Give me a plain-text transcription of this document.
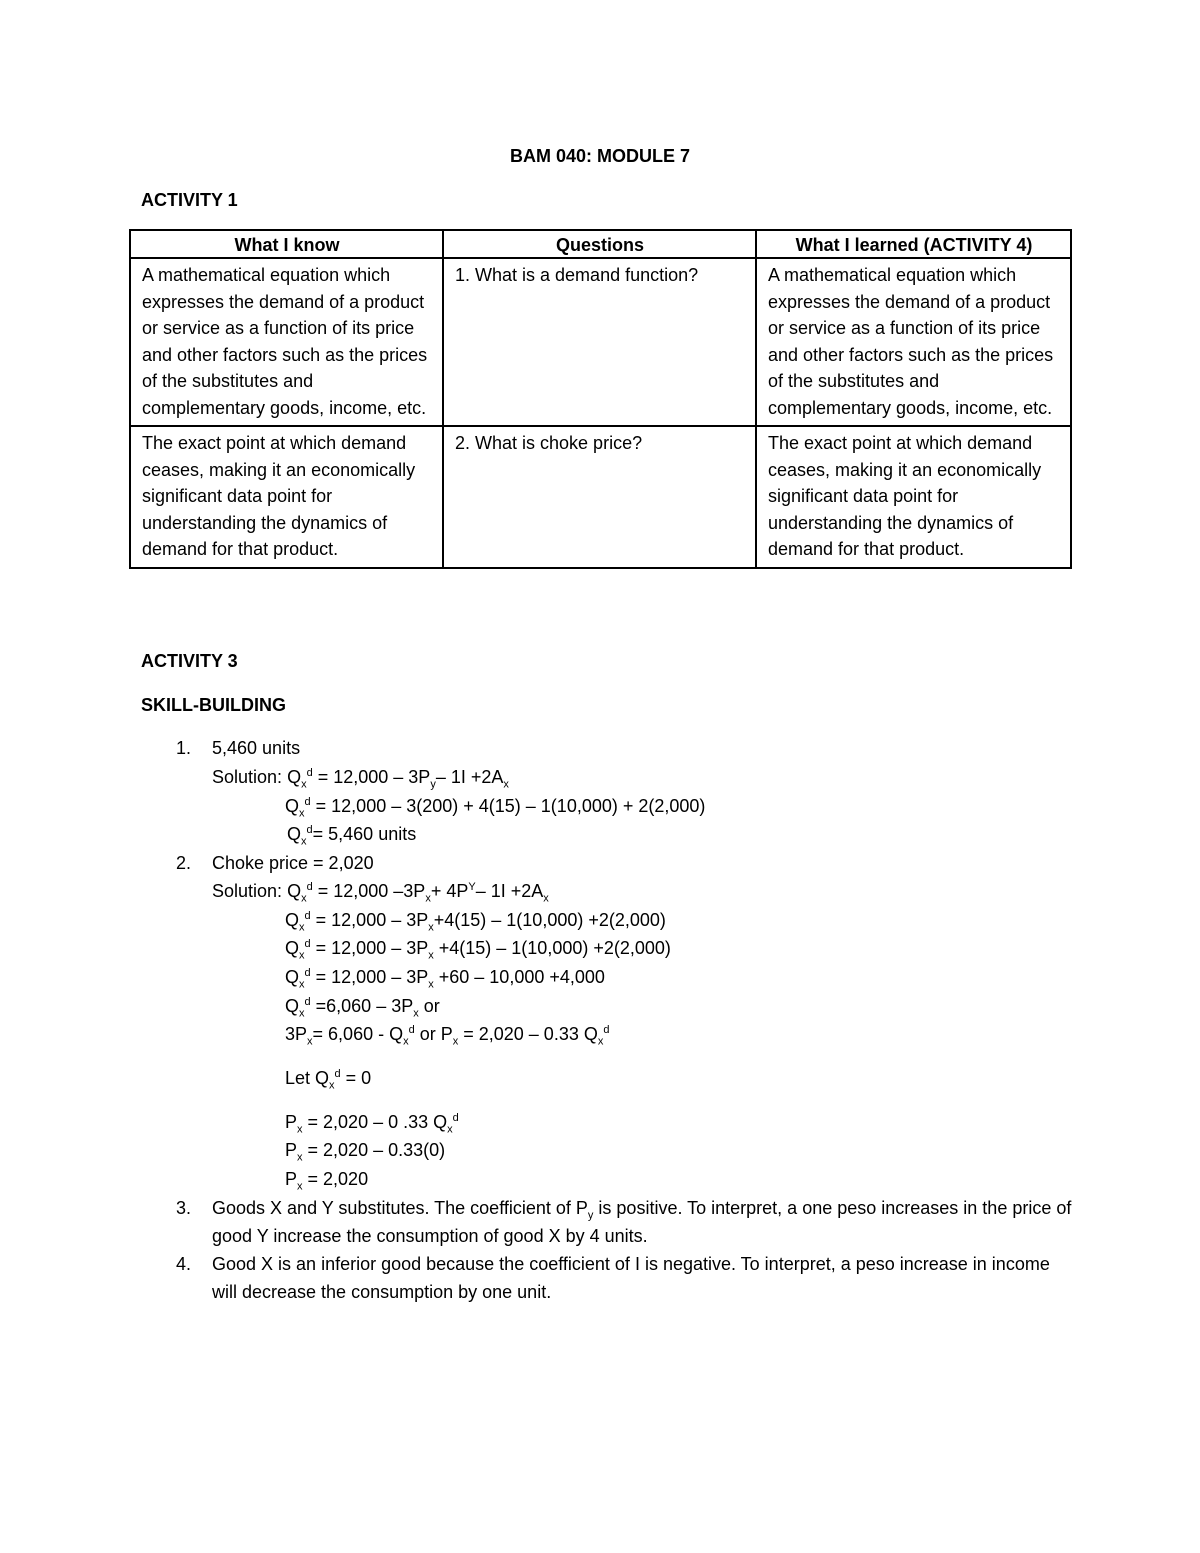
BAM 040: MODULE 7
ACTIVITY 1
What I know	Questions	What I learned (ACTIVITY 4)
A mathematical equation which expresses the demand of a product or service as a function of its price and other factors such as the prices of the substitutes and complementary goods, income, etc.	1. What is a demand function?	A mathematical equation which expresses the demand of a product or service as a function of its price and other factors such as the prices of the substitutes and complementary goods, income, etc.
The exact point at which demand ceases, making it an economically significant data point for understanding the dynamics of demand for that product.	2. What is choke price?	The exact point at which demand ceases, making it an economically significant data point for understanding the dynamics of demand for that product.
ACTIVITY 3
SKILL-BUILDING
1. 5,460 units
Solution: $Q_x^d = 12,000 - 3P_y-$ $1I +2A_x$
$Q_x^d = 12,000 - 3(200) + 4(15) - 1(10,000) + 2(2,000)$
$Q_x^d= 5,460$ units
2. Choke price = 2,020
Solution: $Q_x^d = 12,000$ $-3P_x+ 4P^Y-$ $1I +2A_x$
$Q_x^d = 12,000 - 3P_x+4(15) - 1(10,000) +2(2,000)$
$Q_x^d = 12,000 - 3P_x +4(15) - 1(10,000) +2(2,000)$
$Q_x^d = 12,000 - 3P_x +60 - 10,000 +4,000$
$Q_x^d =6,060 - 3P_x$ or
$3P_x= 6,060 - Q_x^d$ or $P_x = 2,020 - 0.33$ $Q_x^d$
Let $Q_x^d = 0$
$P_x = 2,020 - 0$ .33 $Q_x^d$
$P_x = 2,020 - 0.33(0)$
$P_x = 2,020$
3. Goods X and Y substitutes. The coefficient of $P_y$ is positive. To interpret, a one peso increases in the price of good Y increase the consumption of good X by 4 units.
4. Good X is an inferior good because the coefficient of I is negative. To interpret, a peso increase in income will decrease the consumption by one unit.
